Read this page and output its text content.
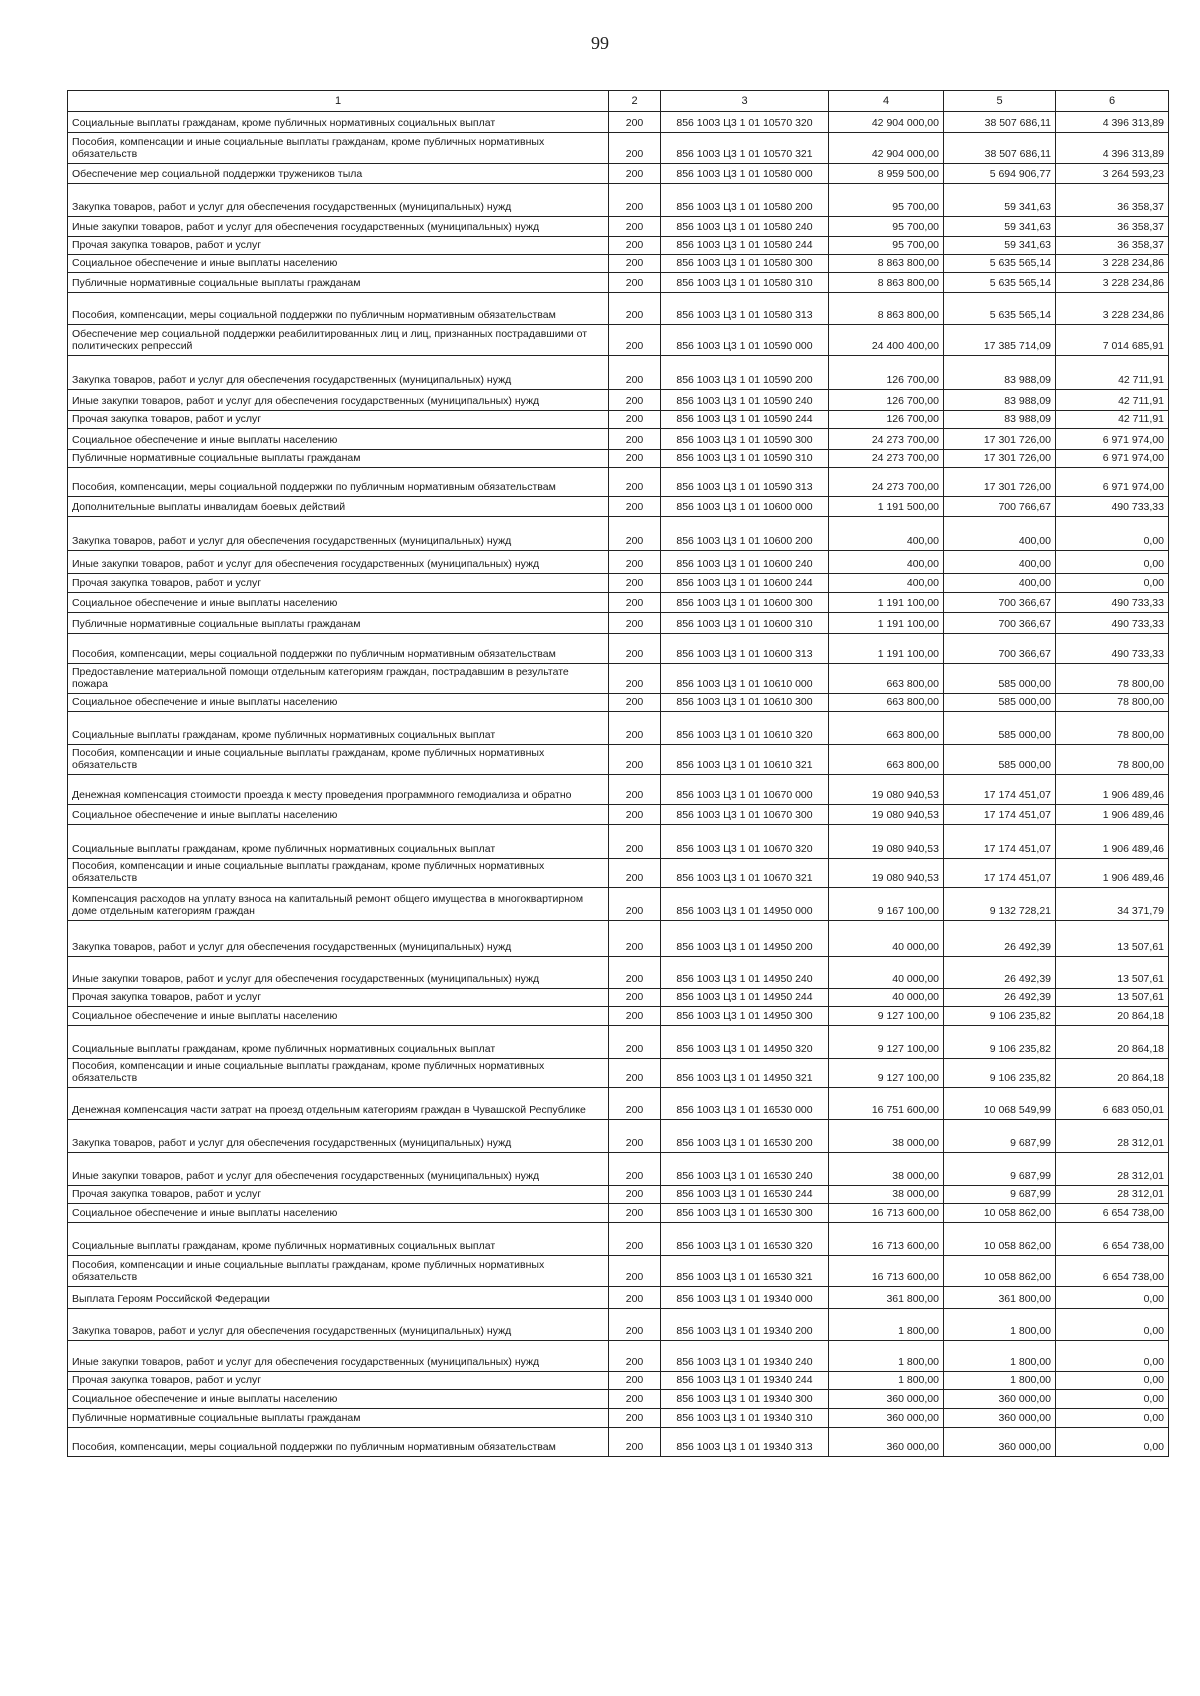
99
1	2	3	4	5	6
Социальные выплаты гражданам, кроме публичных нормативных социальных выплат	200	856 1003 Ц3 1 01 10570 320	42 904 000,00	38 507 686,11	4 396 313,89
Пособия, компенсации и иные социальные выплаты гражданам, кроме публичных нормативных обязательств	200	856 1003 Ц3 1 01 10570 321	42 904 000,00	38 507 686,11	4 396 313,89
Обеспечение мер социальной поддержки тружеников тыла	200	856 1003 Ц3 1 01 10580 000	8 959 500,00	5 694 906,77	3 264 593,23
Закупка товаров, работ и услуг для обеспечения государственных (муниципальных) нужд	200	856 1003 Ц3 1 01 10580 200	95 700,00	59 341,63	36 358,37
Иные закупки товаров, работ и услуг для обеспечения государственных (муниципальных) нужд	200	856 1003 Ц3 1 01 10580 240	95 700,00	59 341,63	36 358,37
Прочая закупка товаров, работ и услуг	200	856 1003 Ц3 1 01 10580 244	95 700,00	59 341,63	36 358,37
Социальное обеспечение и иные выплаты населению	200	856 1003 Ц3 1 01 10580 300	8 863 800,00	5 635 565,14	3 228 234,86
Публичные нормативные социальные выплаты гражданам	200	856 1003 Ц3 1 01 10580 310	8 863 800,00	5 635 565,14	3 228 234,86
Пособия, компенсации, меры социальной поддержки по публичным нормативным обязательствам	200	856 1003 Ц3 1 01 10580 313	8 863 800,00	5 635 565,14	3 228 234,86
Обеспечение мер социальной поддержки реабилитированных лиц и лиц, признанных пострадавшими от политических репрессий	200	856 1003 Ц3 1 01 10590 000	24 400 400,00	17 385 714,09	7 014 685,91
Закупка товаров, работ и услуг для обеспечения государственных (муниципальных) нужд	200	856 1003 Ц3 1 01 10590 200	126 700,00	83 988,09	42 711,91
Иные закупки товаров, работ и услуг для обеспечения государственных (муниципальных) нужд	200	856 1003 Ц3 1 01 10590 240	126 700,00	83 988,09	42 711,91
Прочая закупка товаров, работ и услуг	200	856 1003 Ц3 1 01 10590 244	126 700,00	83 988,09	42 711,91
Социальное обеспечение и иные выплаты населению	200	856 1003 Ц3 1 01 10590 300	24 273 700,00	17 301 726,00	6 971 974,00
Публичные нормативные социальные выплаты гражданам	200	856 1003 Ц3 1 01 10590 310	24 273 700,00	17 301 726,00	6 971 974,00
Пособия, компенсации, меры социальной поддержки по публичным нормативным обязательствам	200	856 1003 Ц3 1 01 10590 313	24 273 700,00	17 301 726,00	6 971 974,00
Дополнительные выплаты инвалидам боевых действий	200	856 1003 Ц3 1 01 10600 000	1 191 500,00	700 766,67	490 733,33
Закупка товаров, работ и услуг для обеспечения государственных (муниципальных) нужд	200	856 1003 Ц3 1 01 10600 200	400,00	400,00	0,00
Иные закупки товаров, работ и услуг для обеспечения государственных (муниципальных) нужд	200	856 1003 Ц3 1 01 10600 240	400,00	400,00	0,00
Прочая закупка товаров, работ и услуг	200	856 1003 Ц3 1 01 10600 244	400,00	400,00	0,00
Социальное обеспечение и иные выплаты населению	200	856 1003 Ц3 1 01 10600 300	1 191 100,00	700 366,67	490 733,33
Публичные нормативные социальные выплаты гражданам	200	856 1003 Ц3 1 01 10600 310	1 191 100,00	700 366,67	490 733,33
Пособия, компенсации, меры социальной поддержки по публичным нормативным обязательствам	200	856 1003 Ц3 1 01 10600 313	1 191 100,00	700 366,67	490 733,33
Предоставление материальной помощи отдельным категориям граждан, пострадавшим в результате пожара	200	856 1003 Ц3 1 01 10610 000	663 800,00	585 000,00	78 800,00
Социальное обеспечение и иные выплаты населению	200	856 1003 Ц3 1 01 10610 300	663 800,00	585 000,00	78 800,00
Социальные выплаты гражданам, кроме публичных нормативных социальных выплат	200	856 1003 Ц3 1 01 10610 320	663 800,00	585 000,00	78 800,00
Пособия, компенсации и иные социальные выплаты гражданам, кроме публичных нормативных обязательств	200	856 1003 Ц3 1 01 10610 321	663 800,00	585 000,00	78 800,00
Денежная компенсация стоимости проезда к месту проведения программного гемодиализа и обратно	200	856 1003 Ц3 1 01 10670 000	19 080 940,53	17 174 451,07	1 906 489,46
Социальное обеспечение и иные выплаты населению	200	856 1003 Ц3 1 01 10670 300	19 080 940,53	17 174 451,07	1 906 489,46
Социальные выплаты гражданам, кроме публичных нормативных социальных выплат	200	856 1003 Ц3 1 01 10670 320	19 080 940,53	17 174 451,07	1 906 489,46
Пособия, компенсации и иные социальные выплаты гражданам, кроме публичных нормативных обязательств	200	856 1003 Ц3 1 01 10670 321	19 080 940,53	17 174 451,07	1 906 489,46
Компенсация расходов на уплату взноса на капитальный ремонт общего имущества в многоквартирном доме отдельным категориям граждан	200	856 1003 Ц3 1 01 14950 000	9 167 100,00	9 132 728,21	34 371,79
Закупка товаров, работ и услуг для обеспечения государственных (муниципальных) нужд	200	856 1003 Ц3 1 01 14950 200	40 000,00	26 492,39	13 507,61
Иные закупки товаров, работ и услуг для обеспечения государственных (муниципальных) нужд	200	856 1003 Ц3 1 01 14950 240	40 000,00	26 492,39	13 507,61
Прочая закупка товаров, работ и услуг	200	856 1003 Ц3 1 01 14950 244	40 000,00	26 492,39	13 507,61
Социальное обеспечение и иные выплаты населению	200	856 1003 Ц3 1 01 14950 300	9 127 100,00	9 106 235,82	20 864,18
Социальные выплаты гражданам, кроме публичных нормативных социальных выплат	200	856 1003 Ц3 1 01 14950 320	9 127 100,00	9 106 235,82	20 864,18
Пособия, компенсации и иные социальные выплаты гражданам, кроме публичных нормативных обязательств	200	856 1003 Ц3 1 01 14950 321	9 127 100,00	9 106 235,82	20 864,18
Денежная компенсация части затрат на проезд отдельным категориям граждан в Чувашской Республике	200	856 1003 Ц3 1 01 16530 000	16 751 600,00	10 068 549,99	6 683 050,01
Закупка товаров, работ и услуг для обеспечения государственных (муниципальных) нужд	200	856 1003 Ц3 1 01 16530 200	38 000,00	9 687,99	28 312,01
Иные закупки товаров, работ и услуг для обеспечения государственных (муниципальных) нужд	200	856 1003 Ц3 1 01 16530 240	38 000,00	9 687,99	28 312,01
Прочая закупка товаров, работ и услуг	200	856 1003 Ц3 1 01 16530 244	38 000,00	9 687,99	28 312,01
Социальное обеспечение и иные выплаты населению	200	856 1003 Ц3 1 01 16530 300	16 713 600,00	10 058 862,00	6 654 738,00
Социальные выплаты гражданам, кроме публичных нормативных социальных выплат	200	856 1003 Ц3 1 01 16530 320	16 713 600,00	10 058 862,00	6 654 738,00
Пособия, компенсации и иные социальные выплаты гражданам, кроме публичных нормативных обязательств	200	856 1003 Ц3 1 01 16530 321	16 713 600,00	10 058 862,00	6 654 738,00
Выплата Героям Российской Федерации	200	856 1003 Ц3 1 01 19340 000	361 800,00	361 800,00	0,00
Закупка товаров, работ и услуг для обеспечения государственных (муниципальных) нужд	200	856 1003 Ц3 1 01 19340 200	1 800,00	1 800,00	0,00
Иные закупки товаров, работ и услуг для обеспечения государственных (муниципальных) нужд	200	856 1003 Ц3 1 01 19340 240	1 800,00	1 800,00	0,00
Прочая закупка товаров, работ и услуг	200	856 1003 Ц3 1 01 19340 244	1 800,00	1 800,00	0,00
Социальное обеспечение и иные выплаты населению	200	856 1003 Ц3 1 01 19340 300	360 000,00	360 000,00	0,00
Публичные нормативные социальные выплаты гражданам	200	856 1003 Ц3 1 01 19340 310	360 000,00	360 000,00	0,00
Пособия, компенсации, меры социальной поддержки по публичным нормативным обязательствам	200	856 1003 Ц3 1 01 19340 313	360 000,00	360 000,00	0,00
